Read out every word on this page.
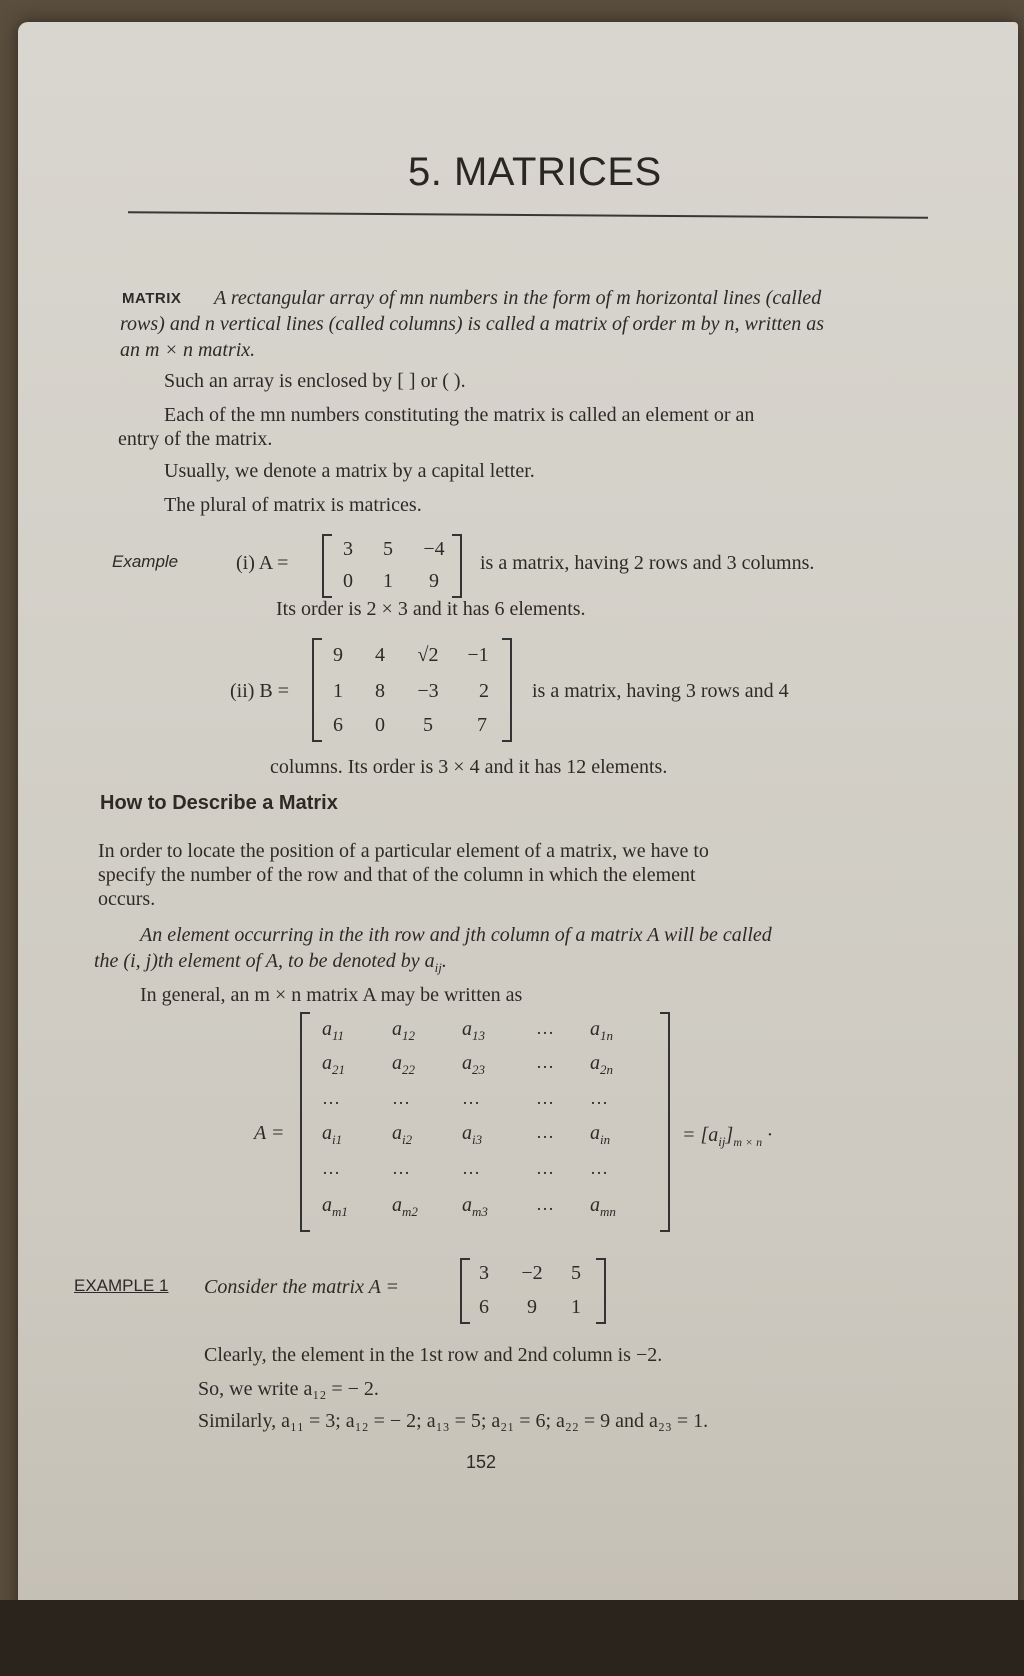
5. MATRICES
MATRIX A rectangular array of mn numbers in the form of m horizontal lines (called
rows) and n vertical lines (called columns) is called a matrix of order m by n, written as
an m × n matrix.
Such an array is enclosed by [ ] or ( ).
Each of the mn numbers constituting the matrix is called an element or an
entry of the matrix.
Usually, we denote a matrix by a capital letter.
The plural of matrix is matrices.
Example	(i) A =
3	5	−4
0	1	9
is a matrix, having 2 rows and 3 columns.
Its order is 2 × 3 and it has 6 elements.
(ii) B =
9	4	√2	−1
1	8	−3	2
6	0	5	7
is a matrix, having 3 rows and 4
columns. Its order is 3 × 4 and it has 12 elements.
How to Describe a Matrix
In order to locate the position of a particular element of a matrix, we have to
specify the number of the row and that of the column in which the element
occurs.
An element occurring in the ith row and jth column of a matrix A will be called
the (i, j)th element of A, to be denoted by $a_{ij}$.
In general, an m × n matrix A may be written as
A =
$a_{11}$ $a_{12}$ $a_{13}$	… $a_{1n}$
$a_{21}$ $a_{22}$ $a_{23}$	… $a_{2n}$
…	…	…	… …
$a_{i1}$ $a_{i2}$ $a_{i3}$	… $a_{in}$
…	…	…	… …
$a_{m1}$ $a_{m2}$ $a_{m3}$	… $a_{mn}$
= $[a_{ij}]_{m \times n}$ ·
EXAMPLE 1 Consider the matrix A =
3	−2	5
6	9	1
Clearly, the element in the 1st row and 2nd column is −2.
So, we write a₁₂ = − 2.
Similarly, a₁₁ = 3; a₁₂ = − 2; a₁₃ = 5; a₂₁ = 6; a₂₂ = 9 and a₂₃ = 1.
152
